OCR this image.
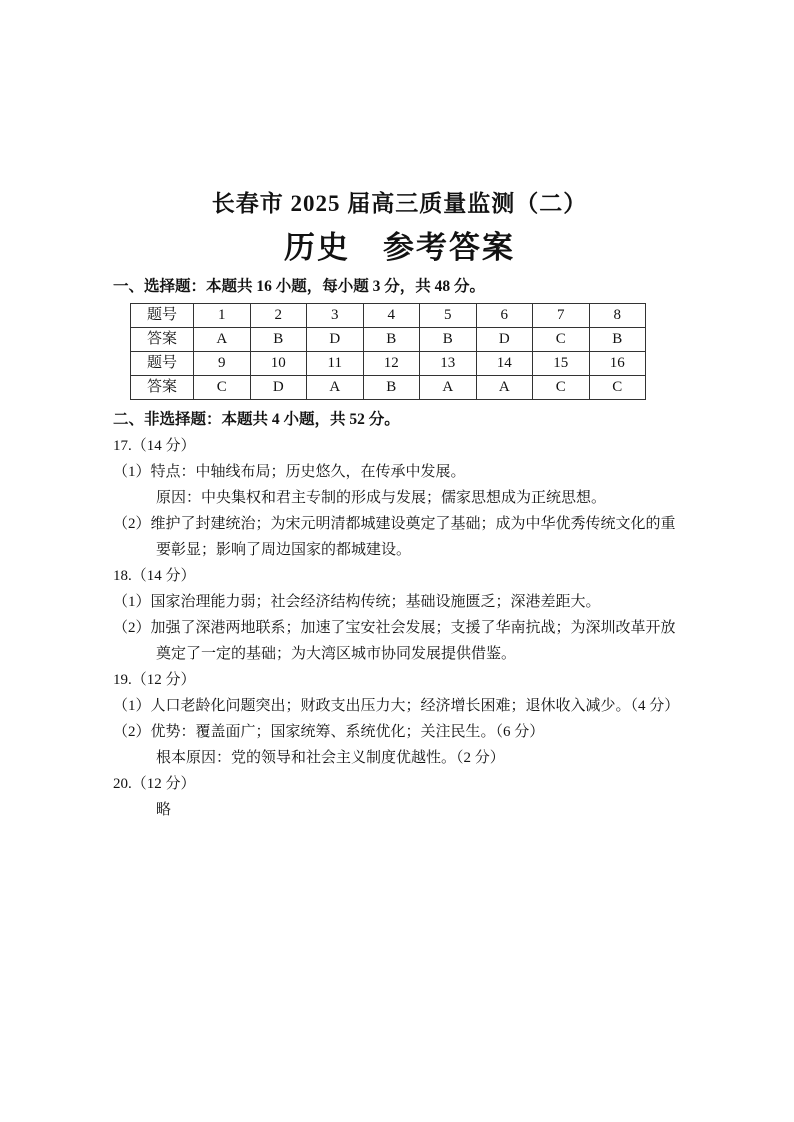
长春市 2025 届高三质量监测（二）
历史　参考答案

一、选择题：本题共 16 小题，每小题 3 分，共 48 分。

题号	1	2	3	4	5	6	7	8
答案	A	B	D	B	B	D	C	B
题号	9	10	11	12	13	14	15	16
答案	C	D	A	B	A	A	C	C

二、非选择题：本题共 4 小题，共 52 分。

17.（14 分）

（1）特点：中轴线布局；历史悠久，在传承中发展。

原因：中央集权和君主专制的形成与发展；儒家思想成为正统思想。

（2）维护了封建统治；为宋元明清都城建设奠定了基础；成为中华优秀传统文化的重要彰显；影响了周边国家的都城建设。

18.（14 分）

（1）国家治理能力弱；社会经济结构传统；基础设施匮乏；深港差距大。

（2）加强了深港两地联系；加速了宝安社会发展；支援了华南抗战；为深圳改革开放奠定了一定的基础；为大湾区城市协同发展提供借鉴。

19.（12 分）

（1）人口老龄化问题突出；财政支出压力大；经济增长困难；退休收入减少。（4 分）

（2）优势：覆盖面广；国家统筹、系统优化；关注民生。（6 分）

根本原因：党的领导和社会主义制度优越性。（2 分）

20.（12 分）

略
